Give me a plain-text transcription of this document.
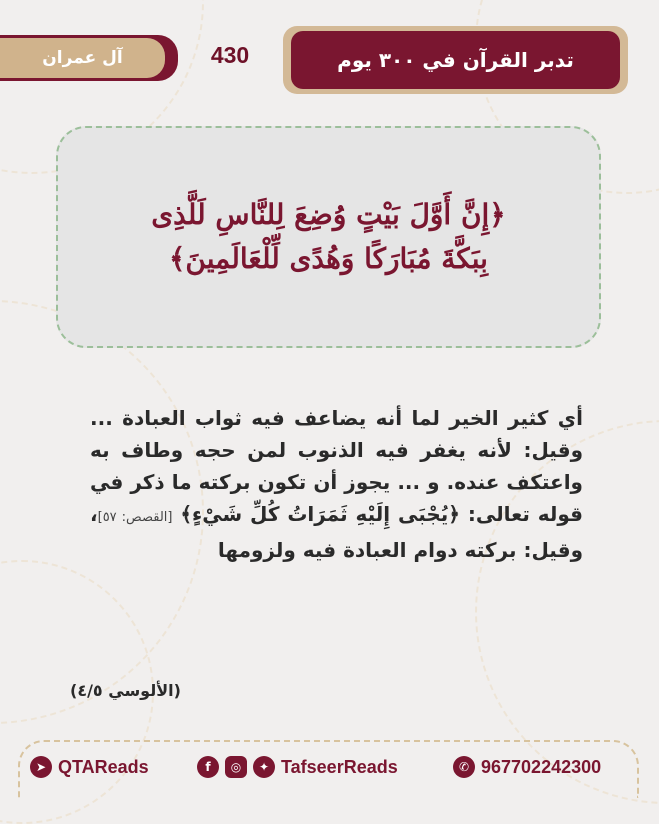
تدبر القرآن في ٣٠٠ يوم
430
آل عمران
﴿إِنَّ أَوَّلَ بَيْتٍ وُضِعَ لِلنَّاسِ لَلَّذِى
بِبَكَّةَ مُبَارَكًا وَهُدًى لِّلْعَالَمِينَ﴾

أي كثير الخير لما أنه يضاعف فيه ثواب العبادة ... وقيل: لأنه يغفر فيه الذنوب لمن حجه وطاف به واعتكف عنده. و ... يجوز أن تكون بركته ما ذكر في قوله تعالى: ﴿يُجْبَى إِلَيْهِ ثَمَرَاتُ كُلِّ شَيْءٍ﴾ [القصص: ٥٧]، وقيل: بركته دوام العبادة فيه ولزومها

(الألوسي ٤/٥)
➤ QTAReads	f	◎	✦ TafseerReads	✆ 967702242300
